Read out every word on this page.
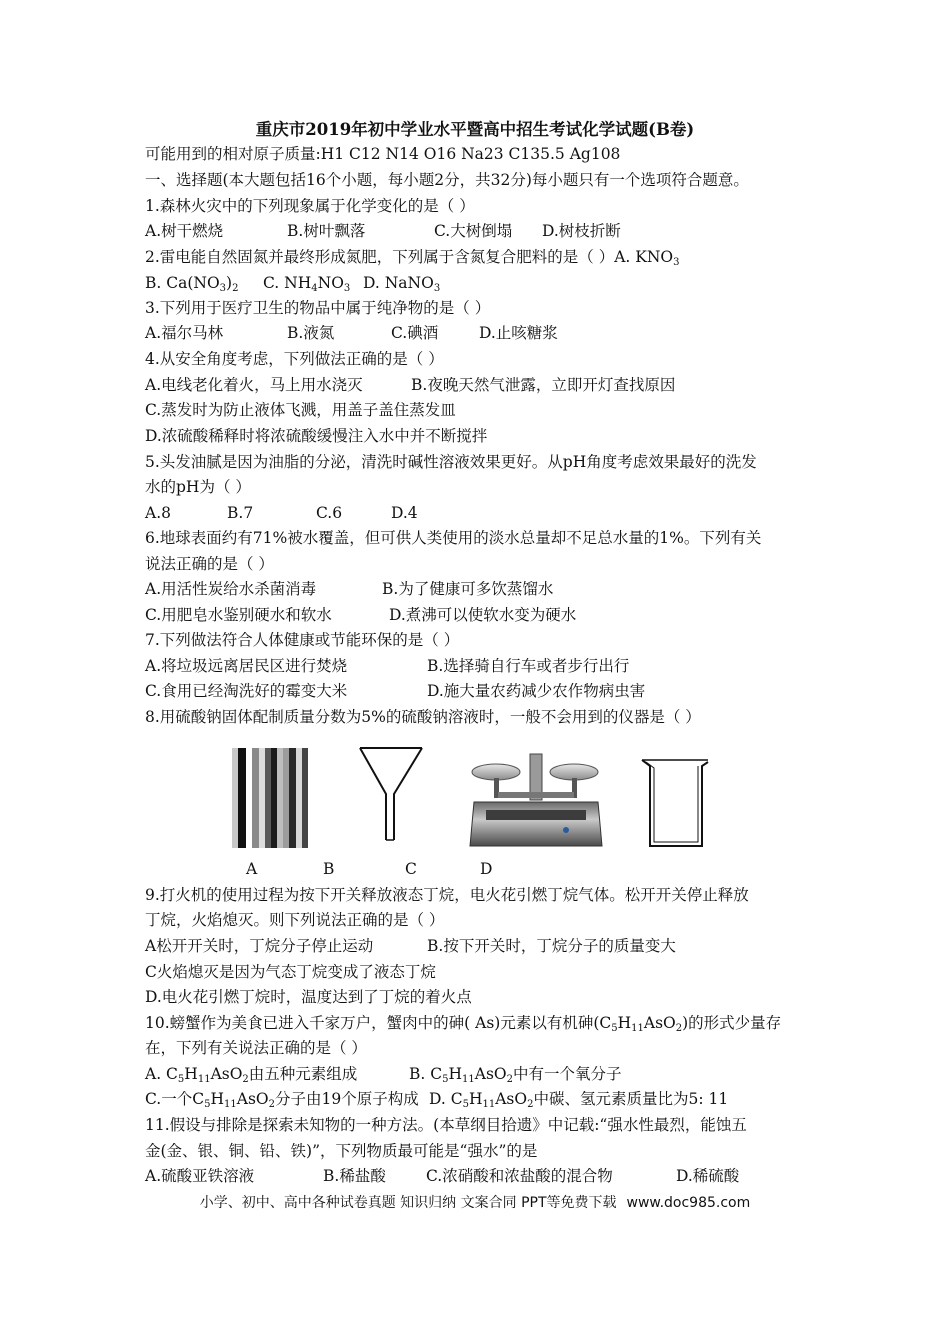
重庆市2019年初中学业水平暨高中招生考试化学试题(B卷)
可能用到的相对原子质量:H1 C12 N14 O16 Na23 C135.5 Ag108
一、选择题(本大题包括16个小题，每小题2分，共32分)每小题只有一个选项符合题意。
1.森林火灾中的下列现象属于化学变化的是（ ）
A.树干燃烧	B.树叶飘落	C.大树倒塌 D.树枝折断
2.雷电能自然固氮并最终形成氮肥，下列属于含氮复合肥料的是（ ）A. $KNO_3$
B. $Ca(NO_3)_2$ C. $NH_4NO_3$ D. NaNO$_3$
3.下列用于医疗卫生的物品中属于纯净物的是（ ）
A.福尔马林	B.液氮	C.碘酒	D.止咳糖浆
4.从安全角度考虑，下列做法正确的是（ ）
A.电线老化着火，马上用水浇灭	B.夜晚天然气泄露，立即开灯查找原因
C.蒸发时为防止液体飞溅，用盖子盖住蒸发皿
D.浓硫酸稀释时将浓硫酸缓慢注入水中并不断搅拌
5.头发油腻是因为油脂的分泌，清洗时碱性溶液效果更好。从pH角度考虑效果最好的洗发
水的pH为（ ）
A.8	B.7	C.6	D.4
6.地球表面约有71%被水覆盖，但可供人类使用的淡水总量却不足总水量的1%。下列有关
说法正确的是（ ）
A.用活性炭给水杀菌消毒	B.为了健康可多饮蒸馏水
C.用肥皂水鉴别硬水和软水	D.煮沸可以使软水变为硬水
7.下列做法符合人体健康或节能环保的是（ ）
A.将垃圾远离居民区进行焚烧	B.选择骑自行车或者步行出行
C.食用已经淘洗好的霉变大米	D.施大量农药减少农作物病虫害
8.用硫酸钠固体配制质量分数为5%的硫酸钠溶液时，一般不会用到的仪器是（ ）
A	B	C	D
9.打火机的使用过程为按下开关释放液态丁烷，电火花引燃丁烷气体。松开开关停止释放
丁烷，火焰熄灭。则下列说法正确的是（ ）
A松开开关时，丁烷分子停止运动	B.按下开关时，丁烷分子的质量变大
C火焰熄灭是因为气态丁烷变成了液态丁烷
D.电火花引燃丁烷时，温度达到了丁烷的着火点
10.螃蟹作为美食已进入千家万户，蟹肉中的砷( As)元素以有机砷$(C_5H_{11}AsO_2)$的形式少量存
在，下列有关说法正确的是（ ）
A. $C_5H_{11}AsO_2$由五种元素组成	B. $C_5H_{11}AsO_2$中有一个氧分子
C.一个$C_5H_{11}AsO_2$分子由19个原子构成 D. $C_5H_{11}AsO_2$中碳、氢元素质量比为5: 11
11.假设与排除是探索未知物的一种方法。(本草纲目拾遗》中记载:“强水性最烈，能蚀五
金(金、银、铜、铅、铁)”，下列物质最可能是“强水”的是
A.硫酸亚铁溶液	B.稀盐酸	C.浓硝酸和浓盐酸的混合物	D.稀硫酸
小学、初中、高中各种试卷真题 知识归纳 文案合同 PPT等免费下载 www.doc985.com
